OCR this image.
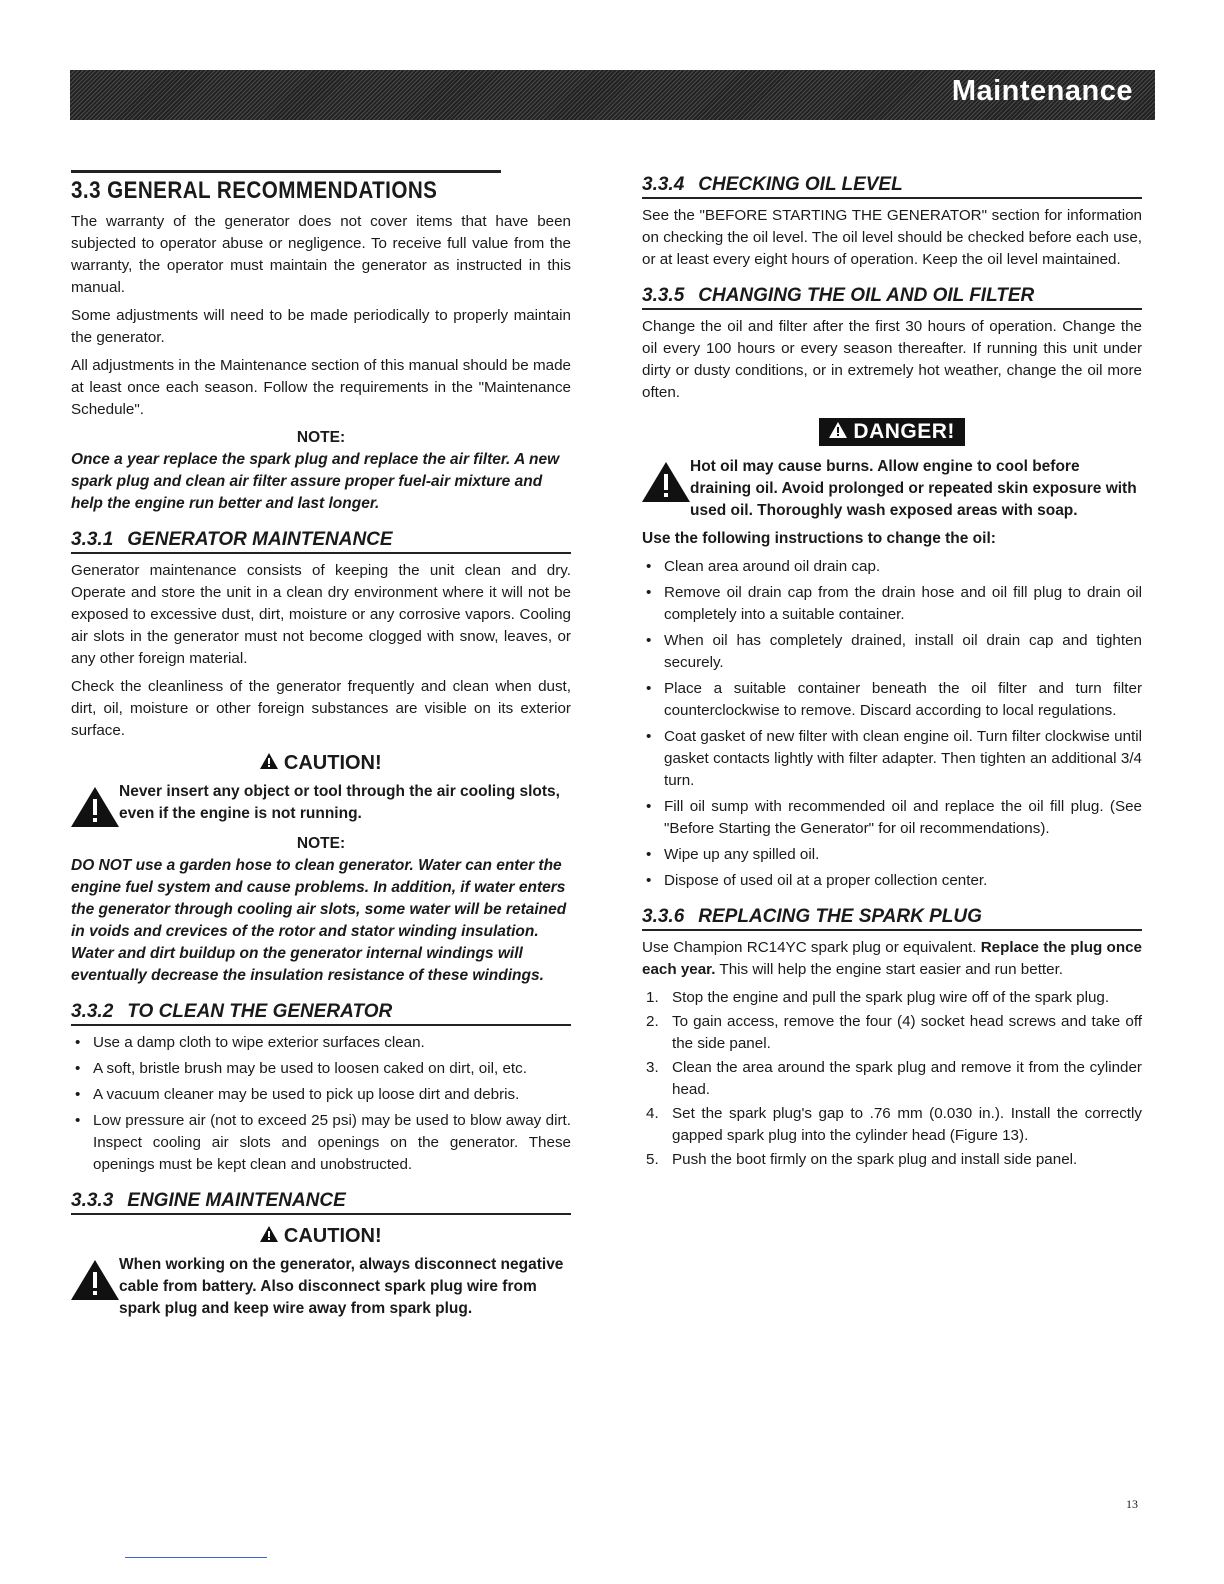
Maintenance
3.3 GENERAL RECOMMENDATIONS

The warranty of the generator does not cover items that have been subjected to operator abuse or negligence. To receive full value from the warranty, the operator must maintain the generator as instructed in this manual.

Some adjustments will need to be made periodically to properly maintain the generator.

All adjustments in the Maintenance section of this manual should be made at least once each season. Follow the requirements in the "Maintenance Schedule".

NOTE:
Once a year replace the spark plug and replace the air filter. A new spark plug and clean air filter assure proper fuel-air mixture and help the engine run better and last longer.
3.3.1 GENERATOR MAINTENANCE

Generator maintenance consists of keeping the unit clean and dry. Operate and store the unit in a clean dry environment where it will not be exposed to excessive dust, dirt, moisture or any corrosive vapors. Cooling air slots in the generator must not become clogged with snow, leaves, or any other foreign material.

Check the cleanliness of the generator frequently and clean when dust, dirt, oil, moisture or other foreign substances are visible on its exterior surface.

CAUTION!
Never insert any object or tool through the air cooling slots, even if the engine is not running.
NOTE:
DO NOT use a garden hose to clean generator. Water can enter the engine fuel system and cause problems. In addition, if water enters the generator through cooling air slots, some water will be retained in voids and crevices of the rotor and stator winding insulation. Water and dirt buildup on the generator internal windings will eventually decrease the insulation resistance of these windings.
3.3.2 TO CLEAN THE GENERATOR
• Use a damp cloth to wipe exterior surfaces clean.
• A soft, bristle brush may be used to loosen caked on dirt, oil, etc.
• A vacuum cleaner may be used to pick up loose dirt and debris.
• Low pressure air (not to exceed 25 psi) may be used to blow away dirt. Inspect cooling air slots and openings on the generator. These openings must be kept clean and unobstructed.
3.3.3 ENGINE MAINTENANCE
CAUTION!
When working on the generator, always disconnect negative cable from battery. Also disconnect spark plug wire from spark plug and keep wire away from spark plug.
3.3.4 CHECKING OIL LEVEL

See the "BEFORE STARTING THE GENERATOR" section for information on checking the oil level. The oil level should be checked before each use, or at least every eight hours of operation. Keep the oil level maintained.

3.3.5 CHANGING THE OIL AND OIL FILTER

Change the oil and filter after the first 30 hours of operation. Change the oil every 100 hours or every season thereafter. If running this unit under dirty or dusty conditions, or in extremely hot weather, change the oil more often.

DANGER!
Hot oil may cause burns. Allow engine to cool before draining oil. Avoid prolonged or repeated skin exposure with used oil. Thoroughly wash exposed areas with soap.
Use the following instructions to change the oil:
• Clean area around oil drain cap.
• Remove oil drain cap from the drain hose and oil fill plug to drain oil completely into a suitable container.
• When oil has completely drained, install oil drain cap and tighten securely.
• Place a suitable container beneath the oil filter and turn filter counterclockwise to remove. Discard according to local regulations.
• Coat gasket of new filter with clean engine oil. Turn filter clockwise until gasket contacts lightly with filter adapter. Then tighten an additional 3/4 turn.
• Fill oil sump with recommended oil and replace the oil fill plug. (See "Before Starting the Generator" for oil recommendations).
• Wipe up any spilled oil.
• Dispose of used oil at a proper collection center.
3.3.6 REPLACING THE SPARK PLUG

Use Champion RC14YC spark plug or equivalent. Replace the plug once each year. This will help the engine start easier and run better.

1. Stop the engine and pull the spark plug wire off of the spark plug.
2. To gain access, remove the four (4) socket head screws and take off the side panel.
3. Clean the area around the spark plug and remove it from the cylinder head.
4. Set the spark plug's gap to .76 mm (0.030 in.). Install the correctly gapped spark plug into the cylinder head (Figure 13).
5. Push the boot firmly on the spark plug and install side panel.
13
